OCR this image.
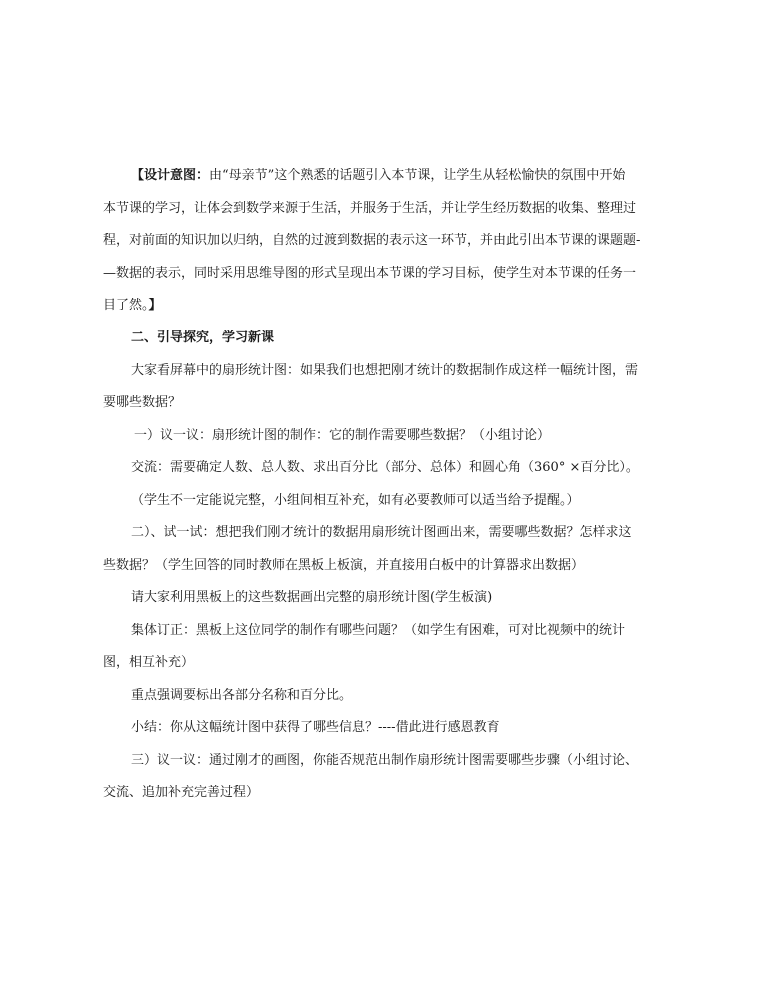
【设计意图：由“母亲节”这个熟悉的话题引入本节课，让学生从轻松愉快的氛围中开始
本节课的学习，让体会到数学来源于生活，并服务于生活，并让学生经历数据的收集、整理过
程，对前面的知识加以归纳，自然的过渡到数据的表示这一环节，并由此引出本节课的课题题-
—数据的表示，同时采用思维导图的形式呈现出本节课的学习目标，使学生对本节课的任务一
目了然。】
二、引导探究，学习新课
大家看屏幕中的扇形统计图：如果我们也想把刚才统计的数据制作成这样一幅统计图，需
要哪些数据？
一）议一议：扇形统计图的制作：它的制作需要哪些数据？（小组讨论）
交流：需要确定人数、总人数、求出百分比（部分、总体）和圆心角（360° ×百分比）。
（学生不一定能说完整，小组间相互补充，如有必要教师可以适当给予提醒。）
二）、试一试：想把我们刚才统计的数据用扇形统计图画出来，需要哪些数据？怎样求这
些数据？（学生回答的同时教师在黑板上板演，并直接用白板中的计算器求出数据）
请大家利用黑板上的这些数据画出完整的扇形统计图(学生板演)
集体订正：黑板上这位同学的制作有哪些问题？（如学生有困难，可对比视频中的统计
图，相互补充）
重点强调要标出各部分名称和百分比。
小结：你从这幅统计图中获得了哪些信息？----借此进行感恩教育
三）议一议：通过刚才的画图，你能否规范出制作扇形统计图需要哪些步骤（小组讨论、
交流、追加补充完善过程）
